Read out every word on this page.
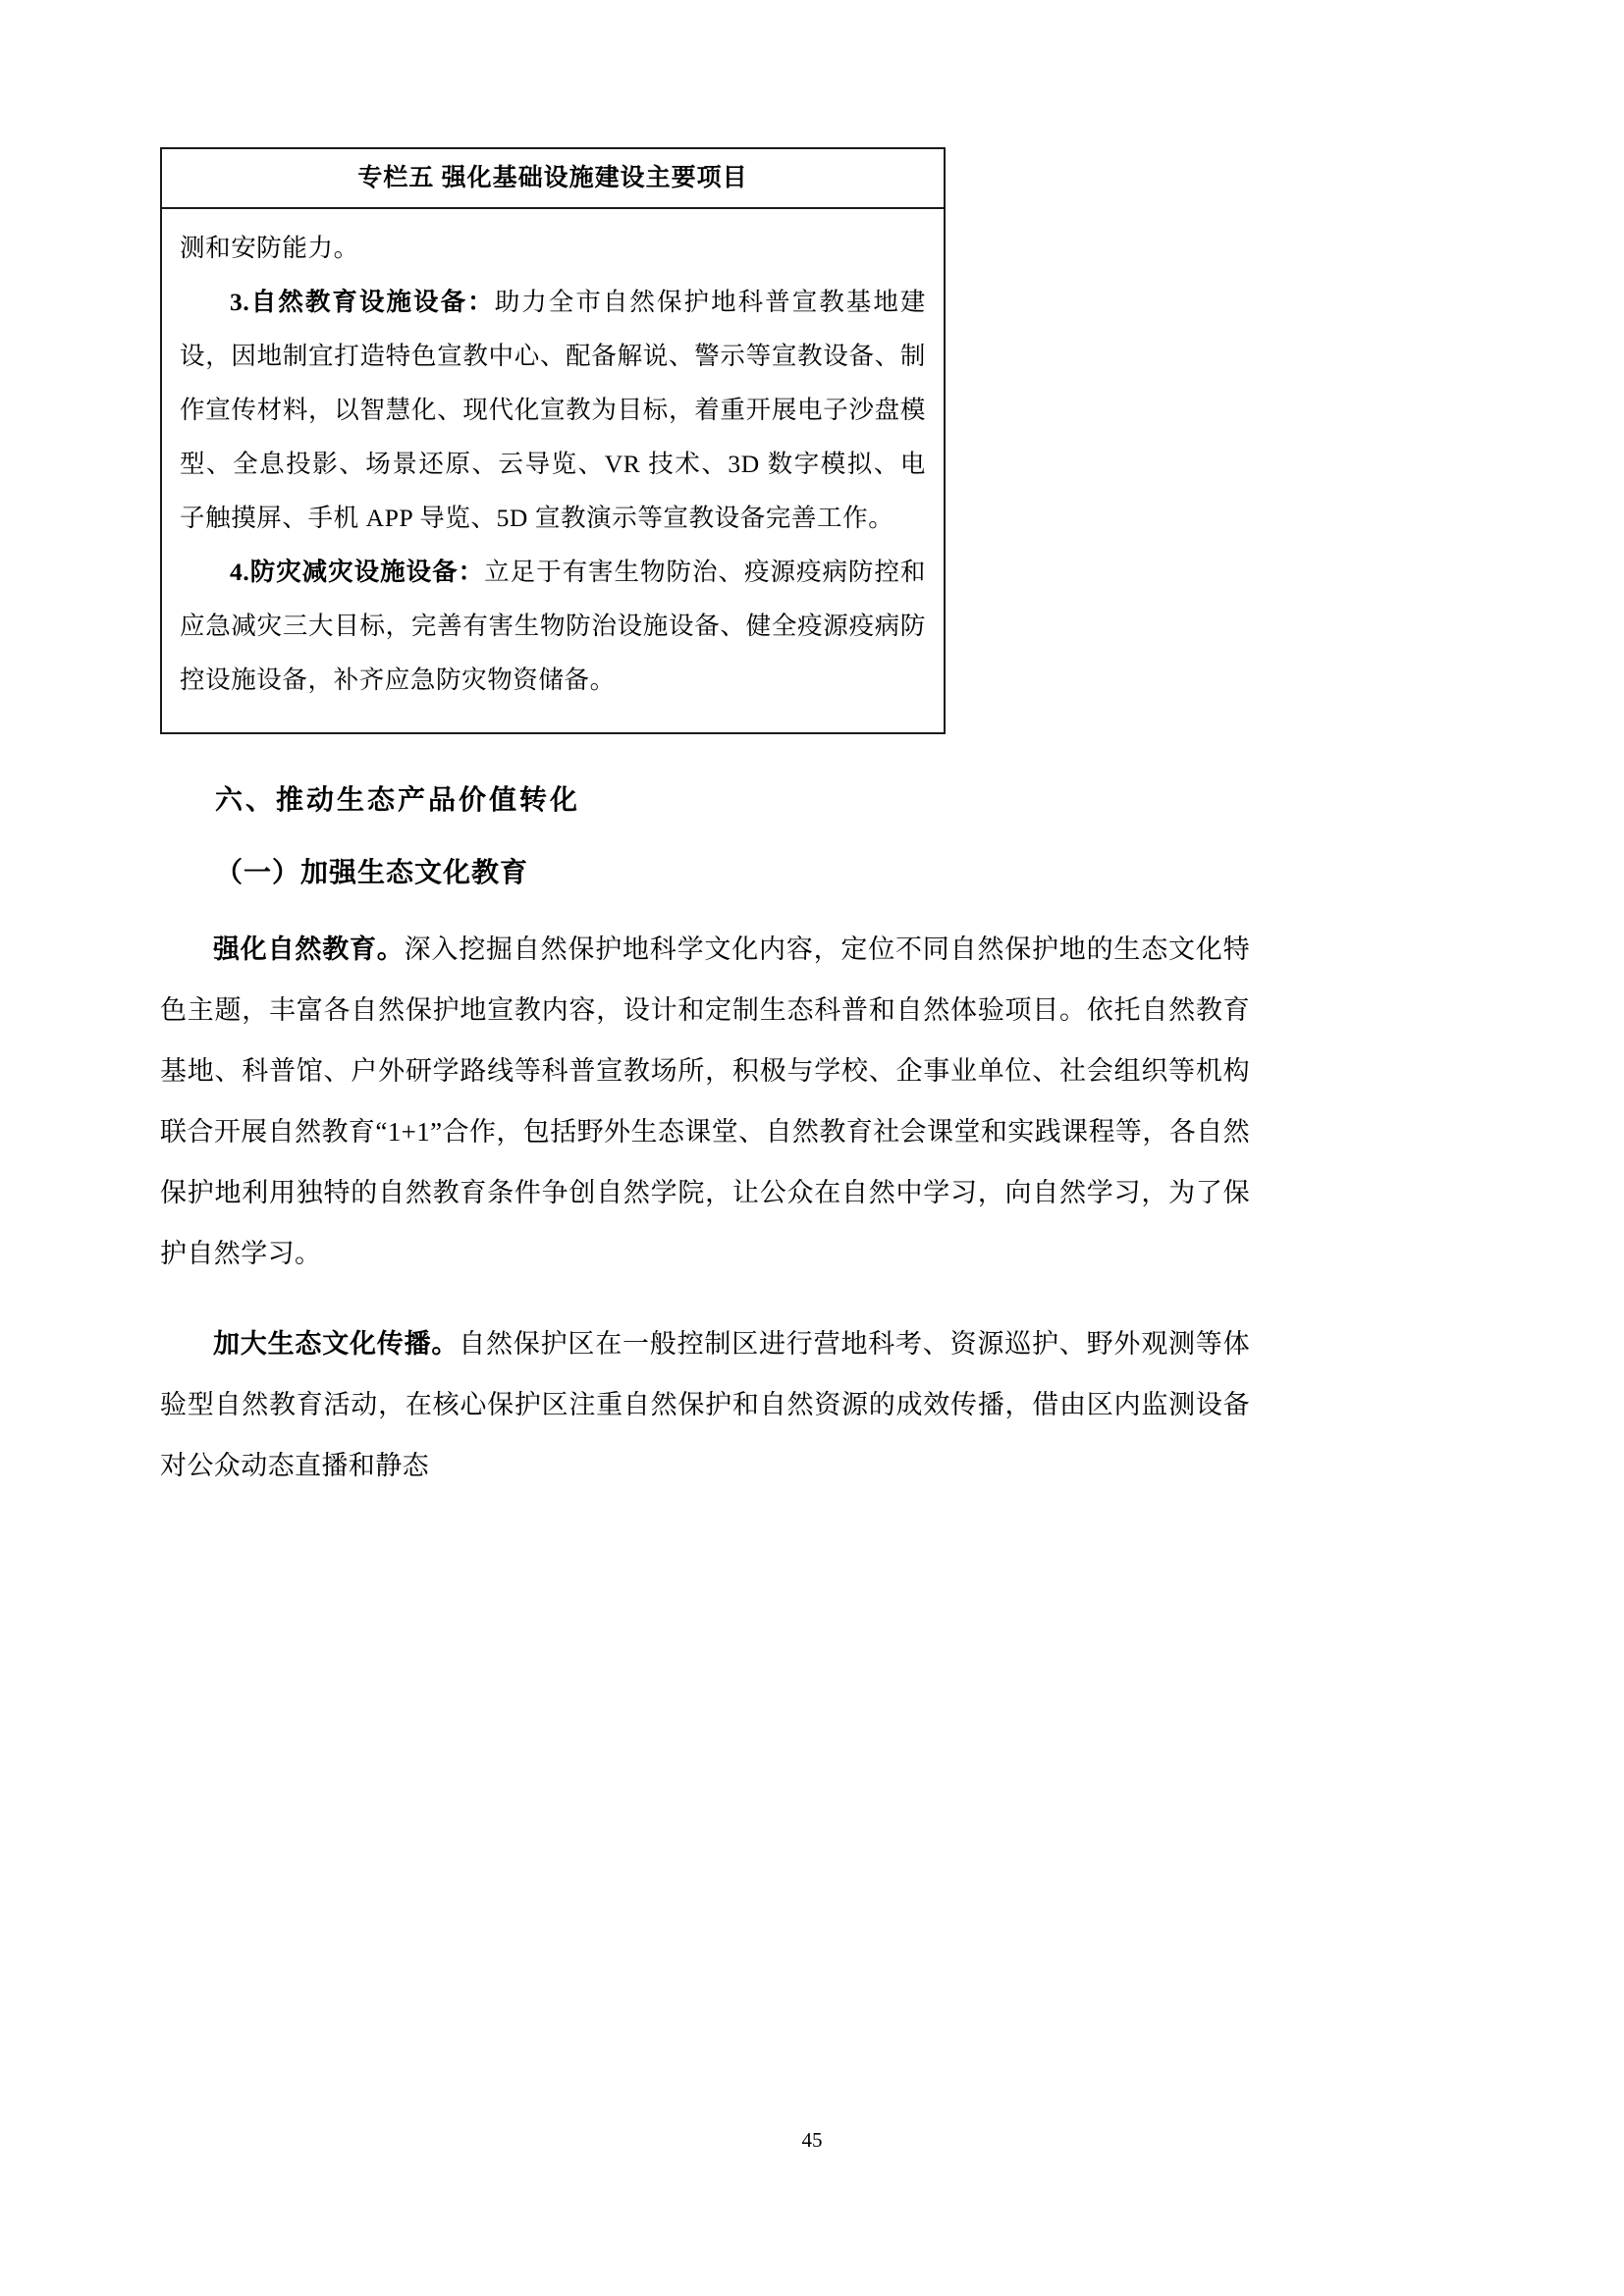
专栏五 强化基础设施建设主要项目

测和安防能力。

3.自然教育设施设备：助力全市自然保护地科普宣教基地建设，因地制宜打造特色宣教中心、配备解说、警示等宣教设备、制作宣传材料，以智慧化、现代化宣教为目标，着重开展电子沙盘模型、全息投影、场景还原、云导览、VR 技术、3D 数字模拟、电子触摸屏、手机 APP 导览、5D 宣教演示等宣教设备完善工作。

4.防灾减灾设施设备：立足于有害生物防治、疫源疫病防控和应急减灾三大目标，完善有害生物防治设施设备、健全疫源疫病防控设施设备，补齐应急防灾物资储备。

六、推动生态产品价值转化
（一）加强生态文化教育

强化自然教育。深入挖掘自然保护地科学文化内容，定位不同自然保护地的生态文化特色主题，丰富各自然保护地宣教内容，设计和定制生态科普和自然体验项目。依托自然教育基地、科普馆、户外研学路线等科普宣教场所，积极与学校、企事业单位、社会组织等机构联合开展自然教育“1+1”合作，包括野外生态课堂、自然教育社会课堂和实践课程等，各自然保护地利用独特的自然教育条件争创自然学院，让公众在自然中学习，向自然学习，为了保护自然学习。

加大生态文化传播。自然保护区在一般控制区进行营地科考、资源巡护、野外观测等体验型自然教育活动，在核心保护区注重自然保护和自然资源的成效传播，借由区内监测设备对公众动态直播和静态

45
